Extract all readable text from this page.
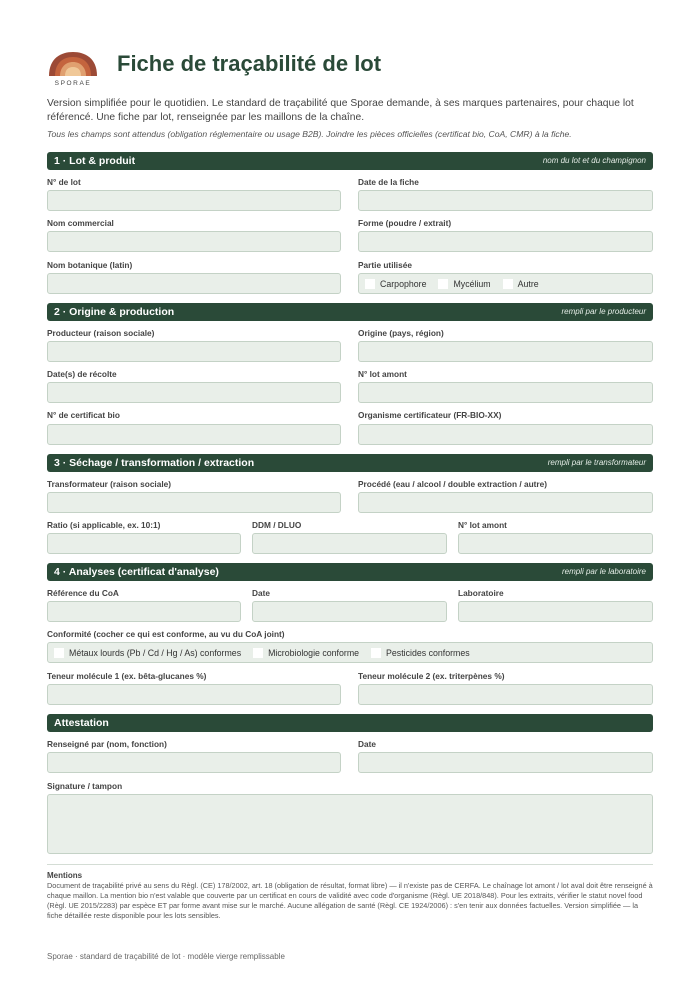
SPORAE
Fiche de traçabilité de lot
Version simplifiée pour le quotidien. Le standard de traçabilité que Sporae demande, à ses marques partenaires, pour chaque lot référencé. Une fiche par lot, renseignée par les maillons de la chaîne.
Tous les champs sont attendus (obligation réglementaire ou usage B2B). Joindre les pièces officielles (certificat bio, CoA, CMR) à la fiche.
1 · Lot & produit	nom du lot et du champignon
N° de lot	Date de la fiche
Nom commercial	Forme (poudre / extrait)
Nom botanique (latin)	Partie utilisée
Carpophore	Mycélium	Autre
2 · Origine & production	rempli par le producteur
Producteur (raison sociale)	Origine (pays, région)
Date(s) de récolte	N° lot amont
N° de certificat bio	Organisme certificateur (FR-BIO-XX)
3 · Séchage / transformation / extraction	rempli par le transformateur
Transformateur (raison sociale)	Procédé (eau / alcool / double extraction / autre)
Ratio (si applicable, ex. 10:1)	DDM / DLUO	N° lot amont
4 · Analyses (certificat d'analyse)	rempli par le laboratoire
Référence du CoA	Date	Laboratoire
Conformité (cocher ce qui est conforme, au vu du CoA joint)
Métaux lourds (Pb / Cd / Hg / As) conformes	Microbiologie conforme	Pesticides conformes
Teneur molécule 1 (ex. bêta-glucanes %)	Teneur molécule 2 (ex. triterpènes %)
Attestation
Renseigné par (nom, fonction)	Date
Signature / tampon
Mentions
Document de traçabilité privé au sens du Règl. (CE) 178/2002, art. 18 (obligation de résultat, format libre) — il n'existe pas de CERFA. Le chaînage lot amont / lot aval doit être renseigné à chaque maillon. La mention bio n'est valable que couverte par un certificat en cours de validité avec code d'organisme (Règl. UE 2018/848). Pour les extraits, vérifier le statut novel food (Règl. UE 2015/2283) par espèce ET par forme avant mise sur le marché. Aucune allégation de santé (Règl. CE 1924/2006) : s'en tenir aux données factuelles. Version simplifiée — la fiche détaillée reste disponible pour les lots sensibles.
Sporae · standard de traçabilité de lot · modèle vierge remplissable
